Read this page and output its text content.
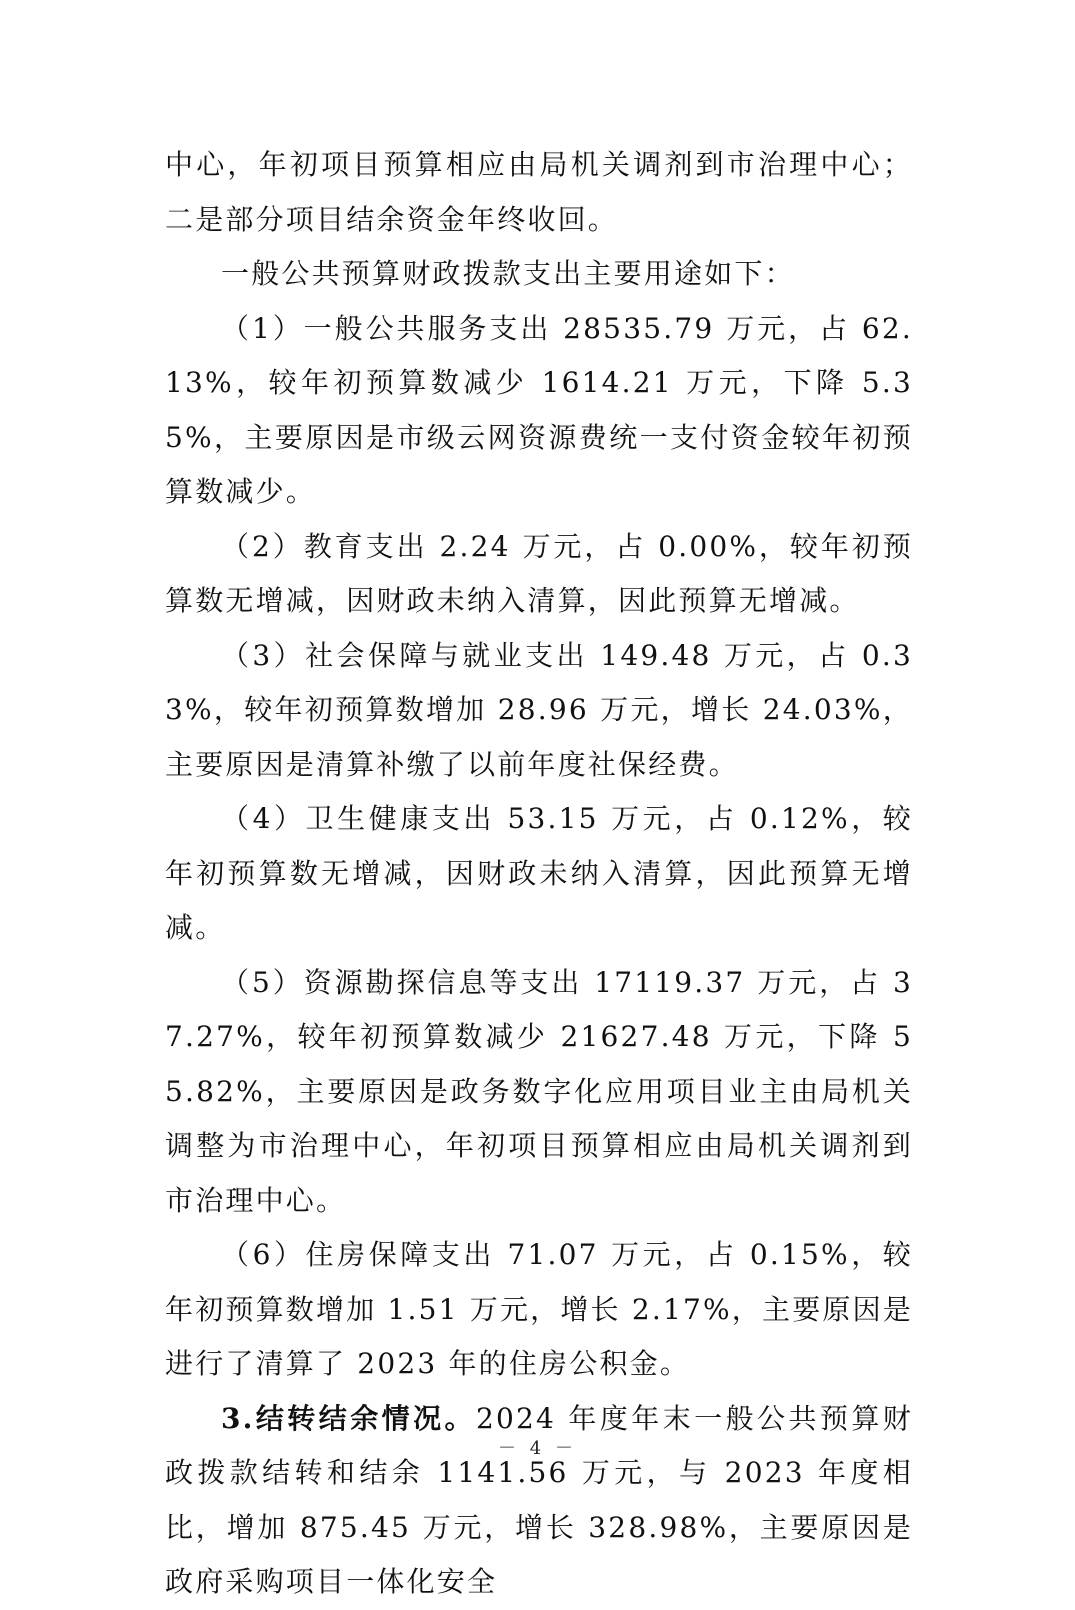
中心，年初项目预算相应由局机关调剂到市治理中心；二是部分项目结余资金年终收回。

一般公共预算财政拨款支出主要用途如下：

（1）一般公共服务支出 28535.79 万元，占 62.13%，较年初预算数减少 1614.21 万元，下降 5.35%，主要原因是市级云网资源费统一支付资金较年初预算数减少。

（2）教育支出 2.24 万元，占 0.00%，较年初预算数无增减，因财政未纳入清算，因此预算无增减。

（3）社会保障与就业支出 149.48 万元，占 0.33%，较年初预算数增加 28.96 万元，增长 24.03%，主要原因是清算补缴了以前年度社保经费。

（4）卫生健康支出 53.15 万元，占 0.12%，较年初预算数无增减，因财政未纳入清算，因此预算无增减。

（5）资源勘探信息等支出 17119.37 万元，占 37.27%，较年初预算数减少 21627.48 万元，下降 55.82%，主要原因是政务数字化应用项目业主由局机关调整为市治理中心，年初项目预算相应由局机关调剂到市治理中心。

（6）住房保障支出 71.07 万元，占 0.15%，较年初预算数增加 1.51 万元，增长 2.17%，主要原因是进行了清算了 2023 年的住房公积金。

3.结转结余情况。2024 年度年末一般公共预算财政拨款结转和结余 1141.56 万元，与 2023 年度相比，增加 875.45 万元，增长 328.98%，主要原因是政府采购项目一体化安全

－ 4 －
